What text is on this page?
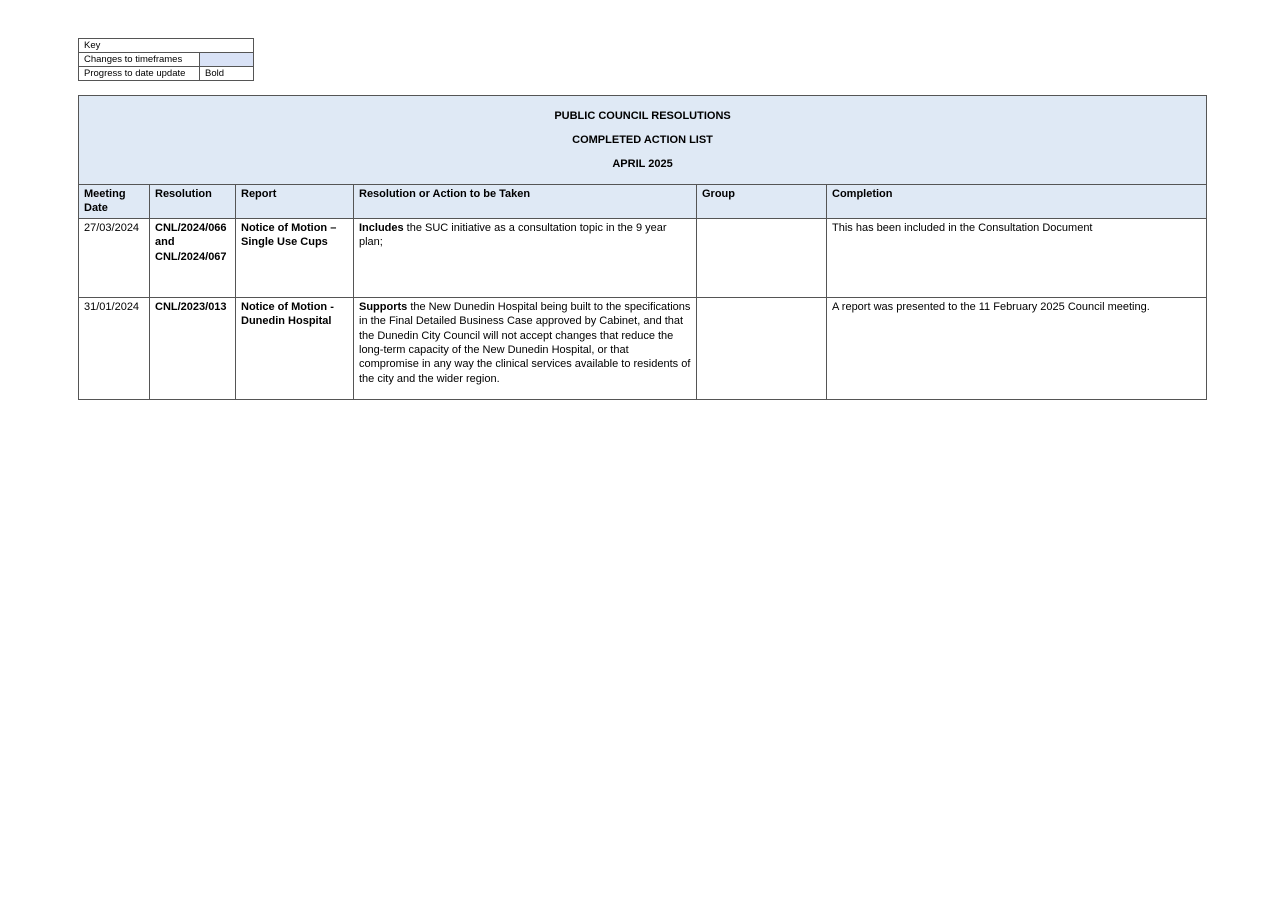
Key	
Changes to timeframes	
Progress to date update	Bold
PUBLIC COUNCIL RESOLUTIONS
COMPLETED ACTION LIST
APRIL 2025					

Meeting Date	Resolution	Report	Resolution or Action to be Taken	Group	Completion
27/03/2024	CNL/2024/066 and CNL/2024/067	Notice of Motion – Single Use Cups	Includes the SUC initiative as a consultation topic in the 9 year plan;		This has been included in the Consultation Document
31/01/2024	CNL/2023/013	Notice of Motion - Dunedin Hospital	Supports the New Dunedin Hospital being built to the specifications in the Final Detailed Business Case approved by Cabinet, and that the Dunedin City Council will not accept changes that reduce the long-term capacity of the New Dunedin Hospital, or that compromise in any way the clinical services available to residents of the city and the wider region.		A report was presented to the 11 February 2025 Council meeting.
